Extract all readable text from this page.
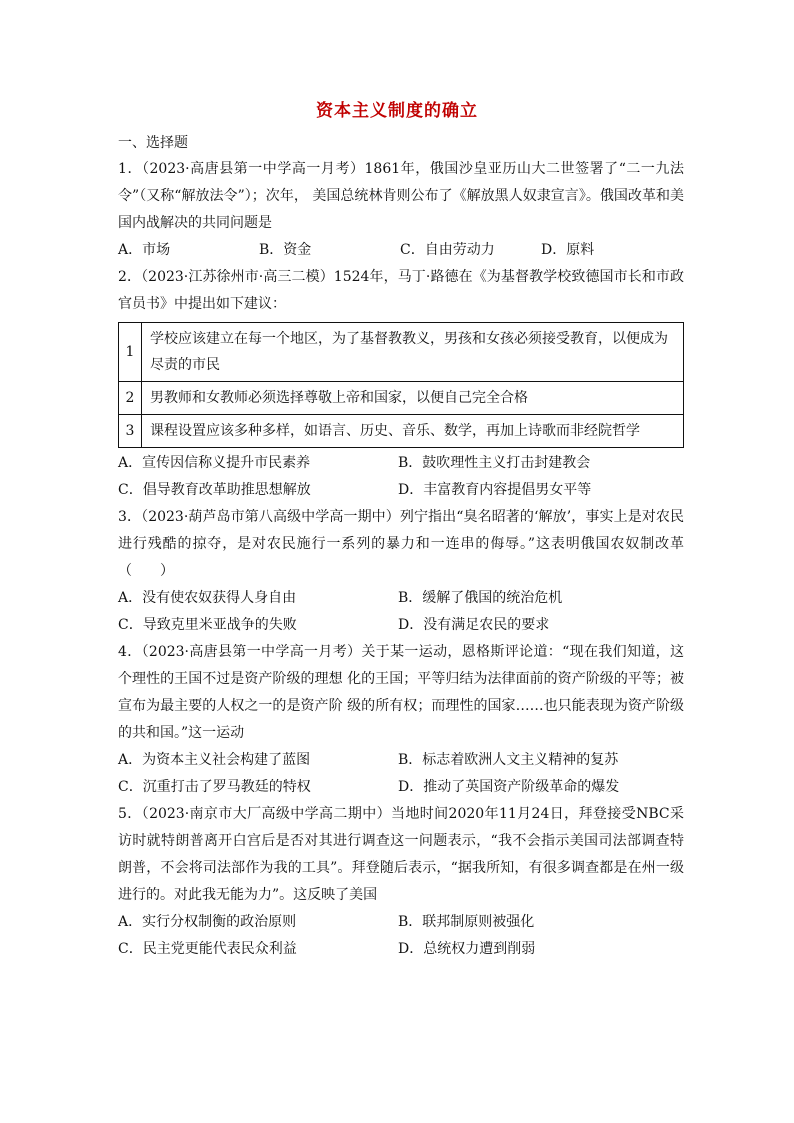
资本主义制度的确立
一、选择题

1．（2023·高唐县第一中学高一月考）1861年，俄国沙皇亚历山大二世签署了“二一九法令”（又称“解放法令”）；次年， 美国总统林肯则公布了《解放黑人奴隶宣言》。俄国改革和美国内战解决的共同问题是

A．市场	B．资金	C．自由劳动力	D．原料

2．（2023·江苏徐州市·高三二模）1524年，马丁·路德在《为基督教学校致德国市长和市政官员书》中提出如下建议：

1	学校应该建立在每一个地区，为了基督教教义，男孩和女孩必须接受教育，以便成为尽责的市民
2	男教师和女教师必须选择尊敬上帝和国家，以便自己完全合格
3	课程设置应该多种多样，如语言、历史、音乐、数学，再加上诗歌而非经院哲学
A．宣传因信称义提升市民素养	B．鼓吹理性主义打击封建教会
C．倡导教育改革助推思想解放	D．丰富教育内容提倡男女平等

3．（2023·葫芦岛市第八高级中学高一期中）列宁指出“臭名昭著的‘解放’，事实上是对农民进行残酷的掠夺，是对农民施行一系列的暴力和一连串的侮辱。”这表明俄国农奴制改革（　　）

A．没有使农奴获得人身自由	B．缓解了俄国的统治危机
C．导致克里米亚战争的失败	D．没有满足农民的要求

4．（2023·高唐县第一中学高一月考）关于某一运动，恩格斯评论道：“现在我们知道，这个理性的王国不过是资产阶级的理想 化的王国；平等归结为法律面前的资产阶级的平等；被宣布为最主要的人权之一的是资产阶 级的所有权；而理性的国家……也只能表现为资产阶级的共和国。”这一运动

A．为资本主义社会构建了蓝图	B．标志着欧洲人文主义精神的复苏
C．沉重打击了罗马教廷的特权	D．推动了英国资产阶级革命的爆发

5．（2023·南京市大厂高级中学高二期中）当地时间2020年11月24日，拜登接受NBC采访时就特朗普离开白宫后是否对其进行调查这一问题表示，“我不会指示美国司法部调查特朗普，不会将司法部作为我的工具”。拜登随后表示，“据我所知，有很多调查都是在州一级进行的。对此我无能为力”。这反映了美国

A．实行分权制衡的政治原则	B．联邦制原则被强化
C．民主党更能代表民众利益	D．总统权力遭到削弱
